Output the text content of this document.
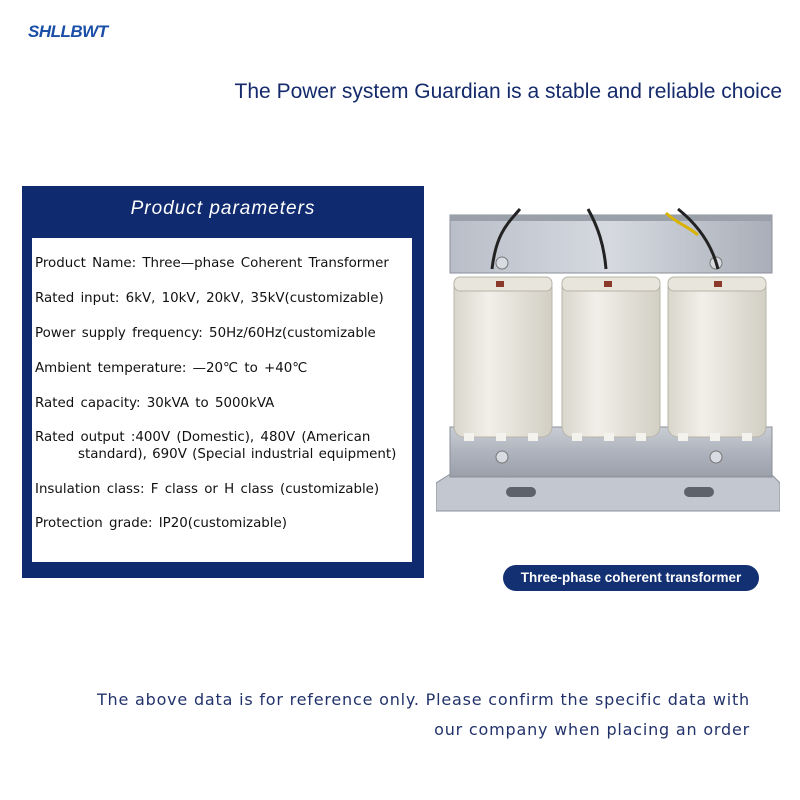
SHLLBWT
The Power system Guardian is a stable and reliable choice
Product parameters
Product Name: Three—phase Coherent Transformer
Rated input: 6kV, 10kV, 20kV, 35kV(customizable)
Power supply frequency: 50Hz/60Hz(customizable
Ambient temperature: —20℃ to +40℃
Rated capacity: 30kVA to 5000kVA
Rated output :400V (Domestic), 480V (American
standard), 690V (Special industrial equipment)
Insulation class: F class or H class (customizable)
Protection grade: IP20(customizable)
Three-phase coherent transformer
The above data is for reference only. Please confirm the specific data with
our company when placing an order
